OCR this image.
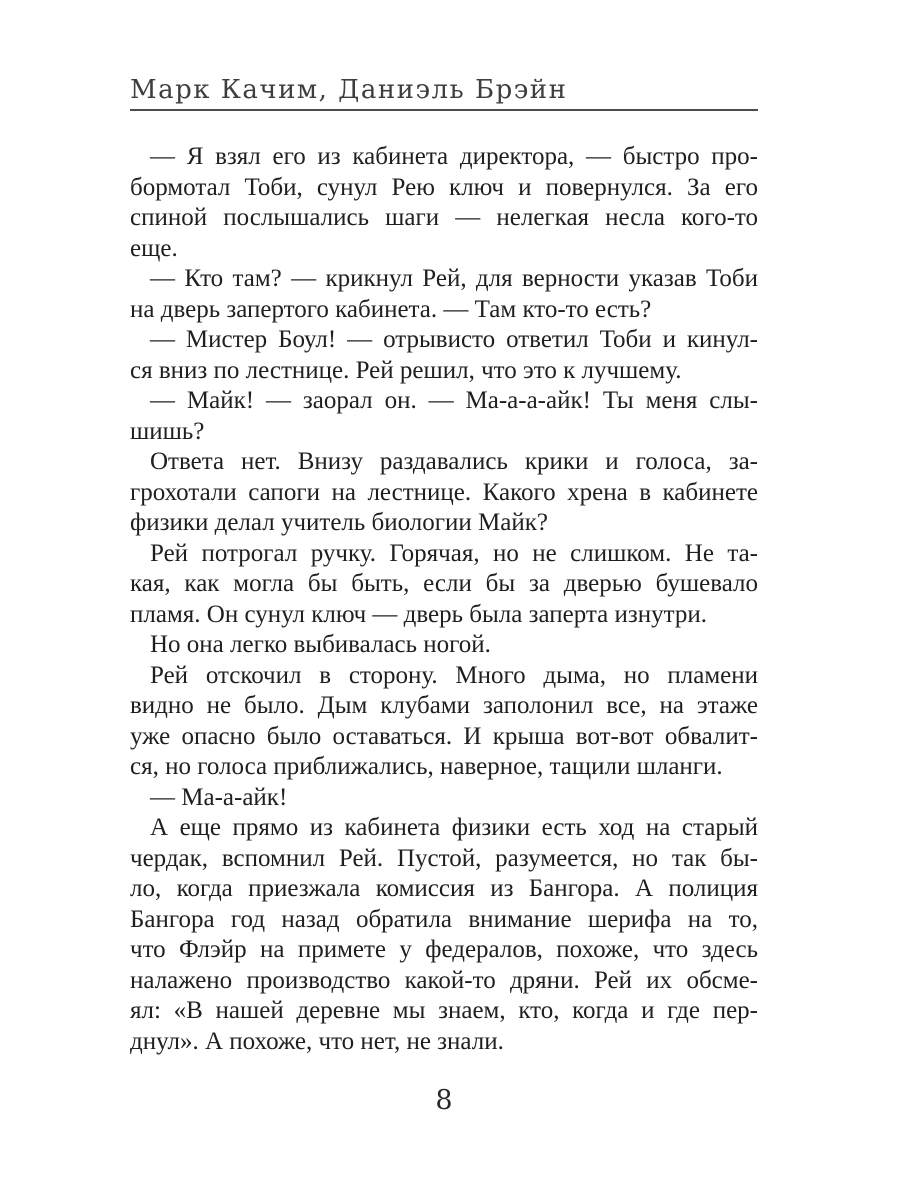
Марк Качим, Даниэль Брэйн

— Я взял его из кабинета директора, — быстро про-
бормотал Тоби, сунул Рею ключ и повернулся. За его
спиной послышались шаги — нелегкая несла кого-то
еще.

— Кто там? — крикнул Рей, для верности указав Тоби
на дверь запертого кабинета. — Там кто-то есть?

— Мистер Боул! — отрывисто ответил Тоби и кинул-
ся вниз по лестнице. Рей решил, что это к лучшему.

— Майк! — заорал он. — Ма-а-а-айк! Ты меня слы-
шишь?

Ответа нет. Внизу раздавались крики и голоса, за-
грохотали сапоги на лестнице. Какого хрена в кабинете
физики делал учитель биологии Майк?

Рей потрогал ручку. Горячая, но не слишком. Не та-
кая, как могла бы быть, если бы за дверью бушевало
пламя. Он сунул ключ — дверь была заперта изнутри.

Но она легко выбивалась ногой.

Рей отскочил в сторону. Много дыма, но пламени
видно не было. Дым клубами заполонил все, на этаже
уже опасно было оставаться. И крыша вот-вот обвалит-
ся, но голоса приближались, наверное, тащили шланги.

— Ма-а-айк!

А еще прямо из кабинета физики есть ход на старый
чердак, вспомнил Рей. Пустой, разумеется, но так бы-
ло, когда приезжала комиссия из Бангора. А полиция
Бангора год назад обратила внимание шерифа на то,
что Флэйр на примете у федералов, похоже, что здесь
налажено производство какой-то дряни. Рей их обсме-
ял: «В нашей деревне мы знаем, кто, когда и где пер-
днул». А похоже, что нет, не знали.

8
